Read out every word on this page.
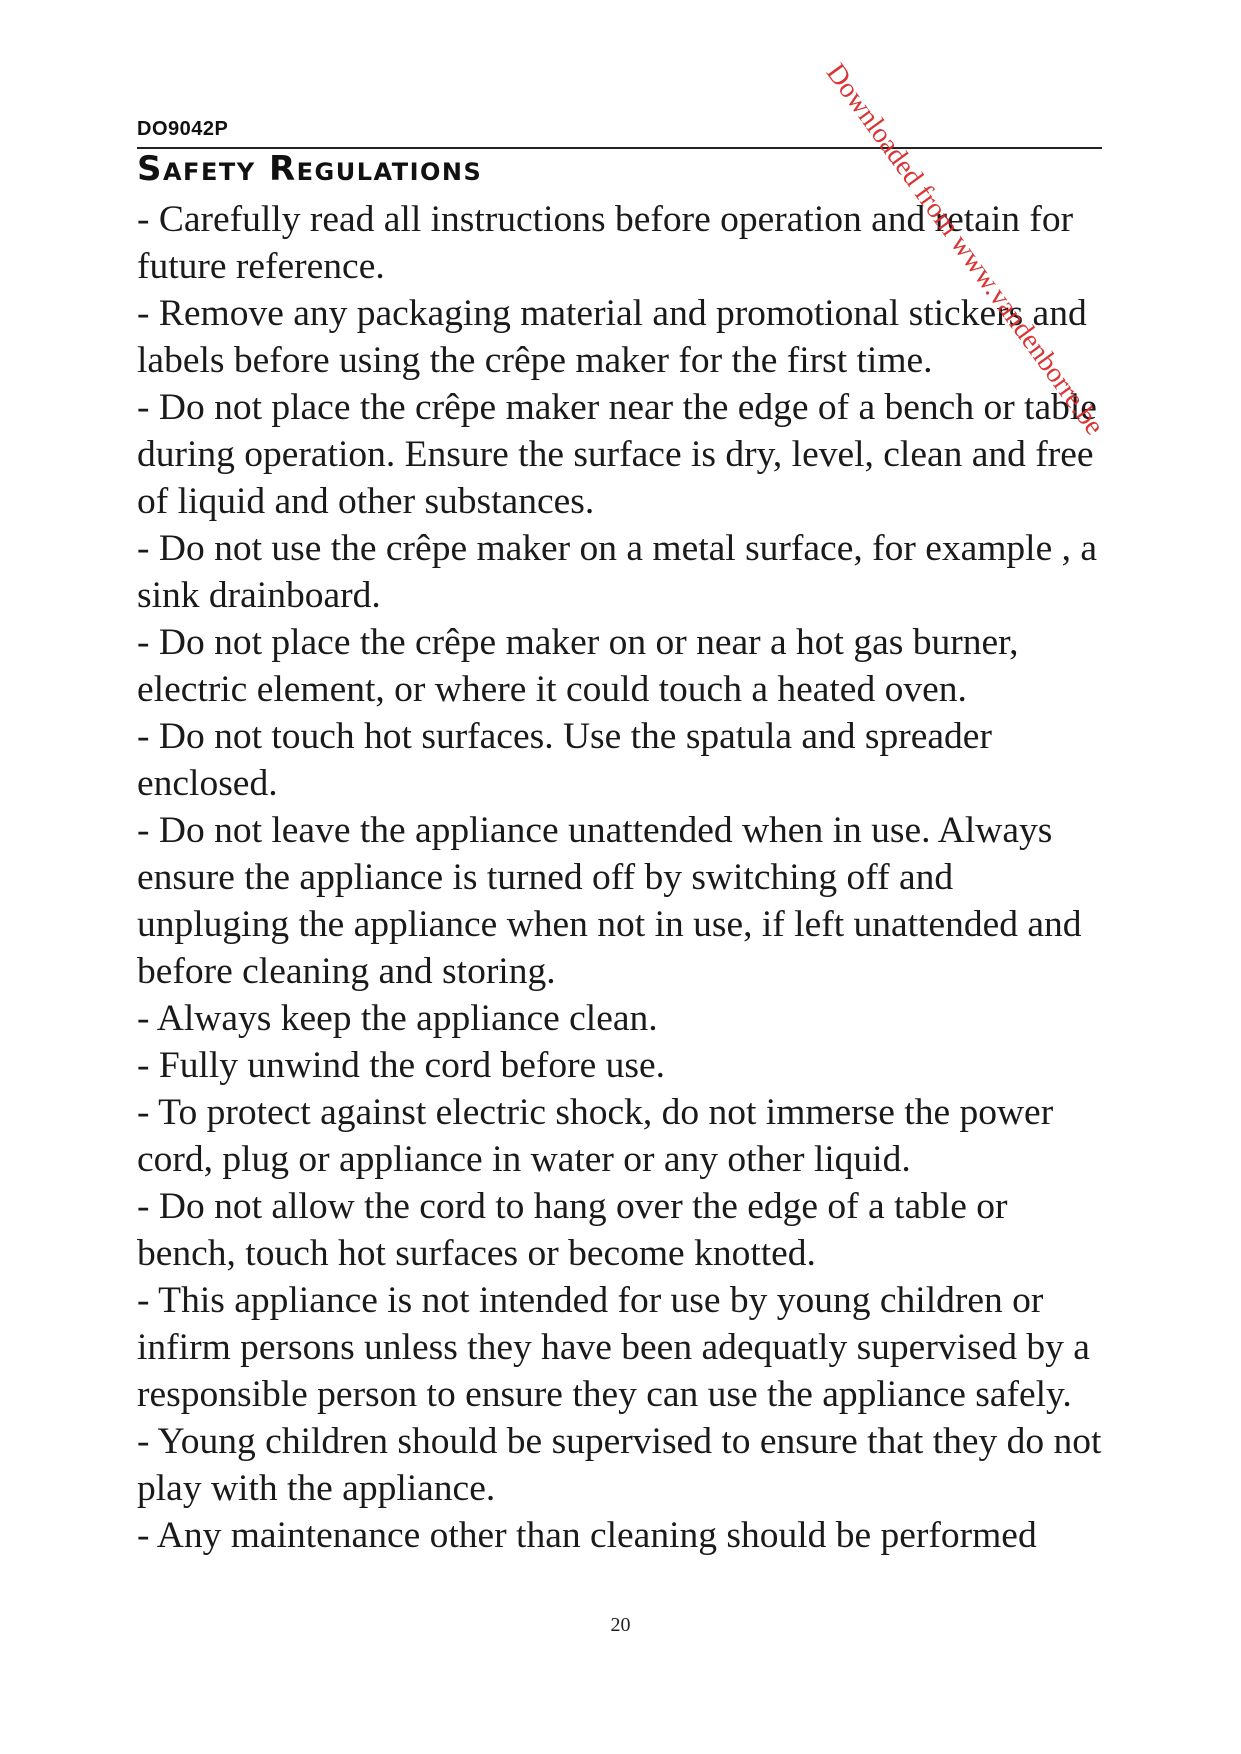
DO9042P
Safety Regulations

- Carefully read all instructions before operation and retain for future reference.

- Remove any packaging material and promotional stickers and labels before using the crêpe maker for the first time.

- Do not place the crêpe maker near the edge of a bench or table during operation. Ensure the surface is dry, level, clean and free of liquid and other substances.

- Do not use the crêpe maker on a metal surface, for example , a sink drainboard.

- Do not place the crêpe maker on or near a hot gas burner, electric element, or where it could touch a heated oven.

- Do not touch hot surfaces. Use the spatula and spreader enclosed.

- Do not leave the appliance unattended when in use. Always ensure the appliance is turned off by switching off and unpluging the appliance when not in use, if left unattended and before cleaning and storing.

- Always keep the appliance clean.

- Fully unwind the cord before use.

- To protect against electric shock, do not immerse the power cord, plug or appliance in water or any other liquid.

- Do not allow the cord to hang over the edge of a table or bench, touch hot surfaces or become knotted.

- This appliance is not intended for use by young children or infirm persons unless they have been adequatly supervised by a responsible person to ensure they can use the appliance safely.

- Young children should be supervised to ensure that they do not play with the appliance.

- Any maintenance other than cleaning should be performed

20
Downloaded from www.vandenborre.be
